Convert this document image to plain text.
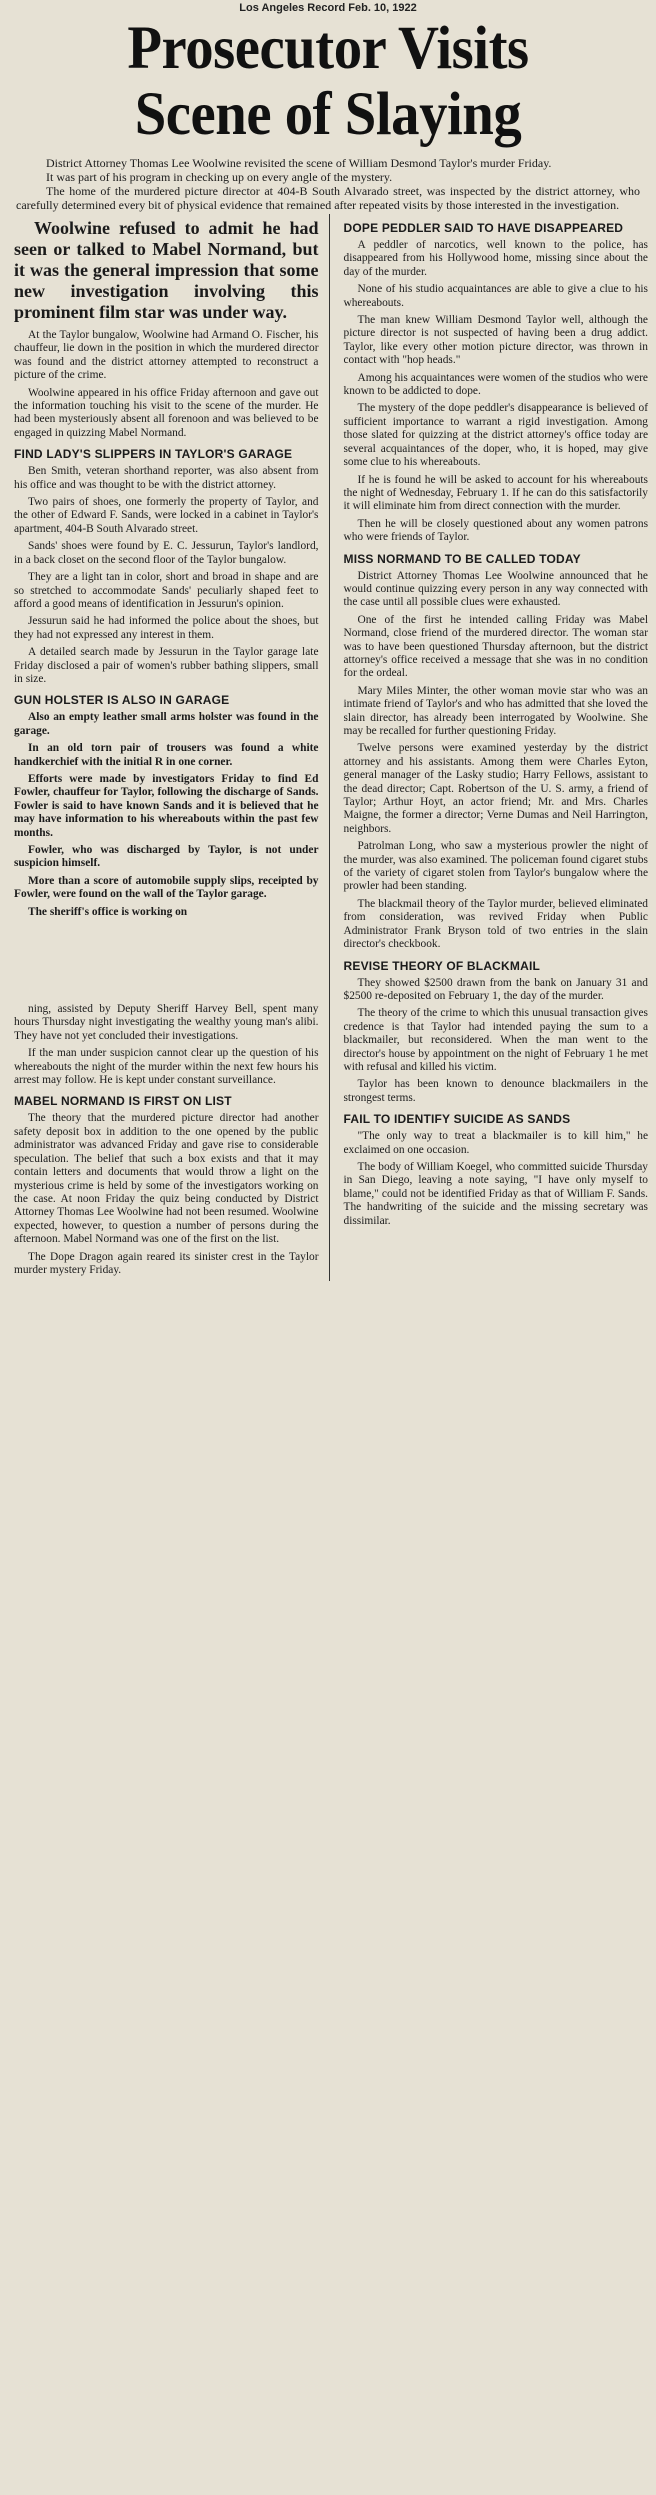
Los Angeles Record Feb. 10, 1922
Prosecutor Visits
Scene of Slaying

District Attorney Thomas Lee Woolwine revisited the scene of William Desmond Taylor's murder Friday.

It was part of his program in checking up on every angle of the mystery.

The home of the murdered picture director at 404-B South Alvarado street, was inspected by the district attorney, who carefully determined every bit of physical evidence that remained after repeated visits by those interested in the investigation.

Woolwine refused to admit he had seen or talked to Mabel Normand, but it was the general impression that some new investigation involving this prominent film star was under way.

At the Taylor bungalow, Woolwine had Armand O. Fischer, his chauffeur, lie down in the position in which the murdered director was found and the district attorney attempted to reconstruct a picture of the crime.

Woolwine appeared in his office Friday afternoon and gave out the information touching his visit to the scene of the murder. He had been mysteriously absent all forenoon and was believed to be engaged in quizzing Mabel Normand.

FIND LADY'S SLIPPERS IN TAYLOR'S GARAGE

Ben Smith, veteran shorthand reporter, was also absent from his office and was thought to be with the district attorney.

Two pairs of shoes, one formerly the property of Taylor, and the other of Edward F. Sands, were locked in a cabinet in Taylor's apartment, 404-B South Alvarado street.

Sands' shoes were found by E. C. Jessurun, Taylor's landlord, in a back closet on the second floor of the Taylor bungalow.

They are a light tan in color, short and broad in shape and are so stretched to accommodate Sands' peculiarly shaped feet to afford a good means of identification in Jessurun's opinion.

Jessurun said he had informed the police about the shoes, but they had not expressed any interest in them.

A detailed search made by Jessurun in the Taylor garage late Friday disclosed a pair of women's rubber bathing slippers, small in size.

GUN HOLSTER IS ALSO IN GARAGE

Also an empty leather small arms holster was found in the garage.

In an old torn pair of trousers was found a white handkerchief with the initial R in one corner.

Efforts were made by investigators Friday to find Ed Fowler, chauffeur for Taylor, following the discharge of Sands. Fowler is said to have known Sands and it is believed that he may have information to his whereabouts within the past few months.

Fowler, who was discharged by Taylor, is not under suspicion himself.

More than a score of automobile supply slips, receipted by Fowler, were found on the wall of the Taylor garage.

The sheriff's office is working on

ning, assisted by Deputy Sheriff Harvey Bell, spent many hours Thursday night investigating the wealthy young man's alibi. They have not yet concluded their investigations.

If the man under suspicion cannot clear up the question of his whereabouts the night of the murder within the next few hours his arrest may follow. He is kept under constant surveillance.

MABEL NORMAND IS FIRST ON LIST

The theory that the murdered picture director had another safety deposit box in addition to the one opened by the public administrator was advanced Friday and gave rise to considerable speculation. The belief that such a box exists and that it may contain letters and documents that would throw a light on the mysterious crime is held by some of the investigators working on the case. At noon Friday the quiz being conducted by District Attorney Thomas Lee Woolwine had not been resumed. Woolwine expected, however, to question a number of persons during the afternoon. Mabel Normand was one of the first on the list.

The Dope Dragon again reared its sinister crest in the Taylor murder mystery Friday.

DOPE PEDDLER SAID TO HAVE DISAPPEARED

A peddler of narcotics, well known to the police, has disappeared from his Hollywood home, missing since about the day of the murder.

None of his studio acquaintances are able to give a clue to his whereabouts.

The man knew William Desmond Taylor well, although the picture director is not suspected of having been a drug addict. Taylor, like every other motion picture director, was thrown in contact with "hop heads."

Among his acquaintances were women of the studios who were known to be addicted to dope.

The mystery of the dope peddler's disappearance is believed of sufficient importance to warrant a rigid investigation. Among those slated for quizzing at the district attorney's office today are several acquaintances of the doper, who, it is hoped, may give some clue to his whereabouts.

If he is found he will be asked to account for his whereabouts the night of Wednesday, February 1. If he can do this satisfactorily it will eliminate him from direct connection with the murder.

Then he will be closely questioned about any women patrons who were friends of Taylor.

MISS NORMAND TO BE CALLED TODAY

District Attorney Thomas Lee Woolwine announced that he would continue quizzing every person in any way connected with the case until all possible clues were exhausted.

One of the first he intended calling Friday was Mabel Normand, close friend of the murdered director. The woman star was to have been questioned Thursday afternoon, but the district attorney's office received a message that she was in no condition for the ordeal.

Mary Miles Minter, the other woman movie star who was an intimate friend of Taylor's and who has admitted that she loved the slain director, has already been interrogated by Woolwine. She may be recalled for further questioning Friday.

Twelve persons were examined yesterday by the district attorney and his assistants. Among them were Charles Eyton, general manager of the Lasky studio; Harry Fellows, assistant to the dead director; Capt. Robertson of the U. S. army, a friend of Taylor; Arthur Hoyt, an actor friend; Mr. and Mrs. Charles Maigne, the former a director; Verne Dumas and Neil Harrington, neighbors.

Patrolman Long, who saw a mysterious prowler the night of the murder, was also examined. The policeman found cigaret stubs of the variety of cigaret stolen from Taylor's bungalow where the prowler had been standing.

The blackmail theory of the Taylor murder, believed eliminated from consideration, was revived Friday when Public Administrator Frank Bryson told of two entries in the slain director's checkbook.

REVISE THEORY OF BLACKMAIL

They showed $2500 drawn from the bank on January 31 and $2500 re-deposited on February 1, the day of the murder.

The theory of the crime to which this unusual transaction gives credence is that Taylor had intended paying the sum to a blackmailer, but reconsidered. When the man went to the director's house by appointment on the night of February 1 he met with refusal and killed his victim.

Taylor has been known to denounce blackmailers in the strongest terms.

FAIL TO IDENTIFY SUICIDE AS SANDS

"The only way to treat a blackmailer is to kill him," he exclaimed on one occasion.

The body of William Koegel, who committed suicide Thursday in San Diego, leaving a note saying, "I have only myself to blame," could not be identified Friday as that of William F. Sands. The handwriting of the suicide and the missing secretary was dissimilar.
